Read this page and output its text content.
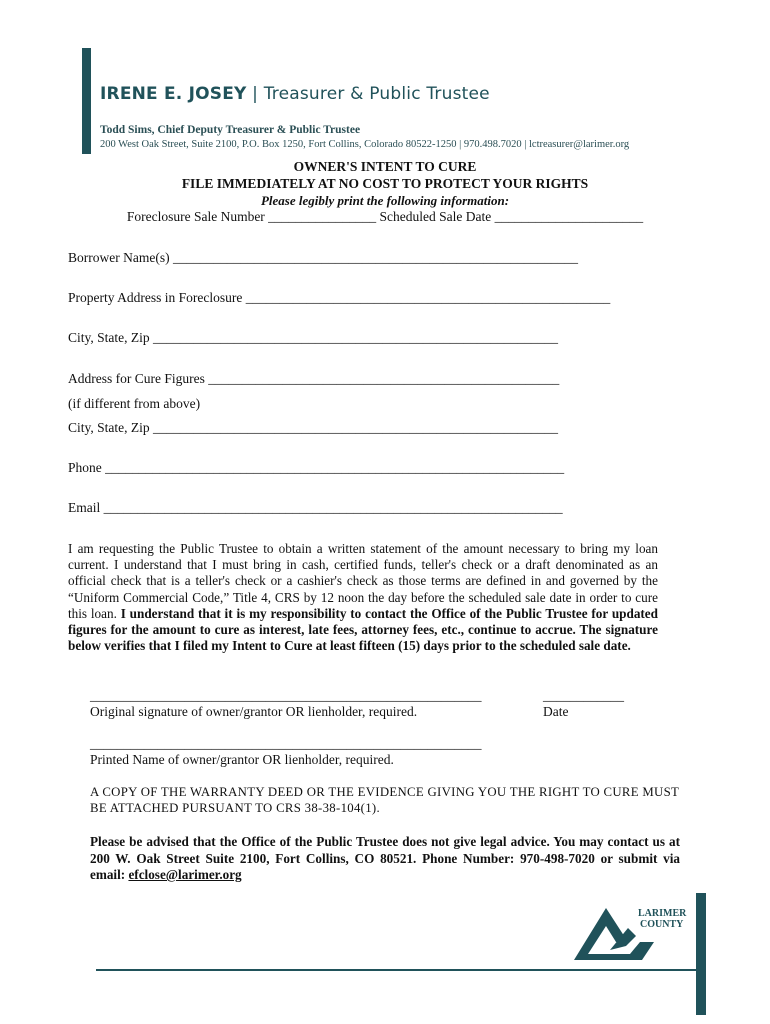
IRENE E. JOSEY | Treasurer & Public Trustee
Todd Sims, Chief Deputy Treasurer & Public Trustee
200 West Oak Street, Suite 2100, P.O. Box 1250, Fort Collins, Colorado 80522-1250 | 970.498.7020 | lctreasurer@larimer.org
OWNER'S INTENT TO CURE
FILE IMMEDIATELY AT NO COST TO PROTECT YOUR RIGHTS
Please legibly print the following information:
Foreclosure Sale Number ________________ Scheduled Sale Date ______________________
Borrower Name(s) ____________________________________________________________
Property Address in Foreclosure ______________________________________________________
City, State, Zip ____________________________________________________________
Address for Cure Figures ____________________________________________________
(if different from above)
City, State, Zip ____________________________________________________________
Phone ____________________________________________________________________
Email ____________________________________________________________________
I am requesting the Public Trustee to obtain a written statement of the amount necessary to bring my loan current. I understand that I must bring in cash, certified funds, teller's check or a draft denominated as an official check that is a teller's check or a cashier's check as those terms are defined in and governed by the “Uniform Commercial Code,” Title 4, CRS by 12 noon the day before the scheduled sale date in order to cure this loan. I understand that it is my responsibility to contact the Office of the Public Trustee for updated figures for the amount to cure as interest, late fees, attorney fees, etc., continue to accrue. The signature below verifies that I filed my Intent to Cure at least fifteen (15) days prior to the scheduled sale date.
__________________________________________________________
Original signature of owner/grantor OR lienholder, required.
____________
Date
__________________________________________________________
Printed Name of owner/grantor OR lienholder, required.
A COPY OF THE WARRANTY DEED OR THE EVIDENCE GIVING YOU THE RIGHT TO CURE MUST BE ATTACHED PURSUANT TO CRS 38-38-104(1).
Please be advised that the Office of the Public Trustee does not give legal advice. You may contact us at 200 W. Oak Street Suite 2100, Fort Collins, CO 80521. Phone Number: 970-498-7020 or submit via email: efclose@larimer.org
LARIMER
COUNTY
